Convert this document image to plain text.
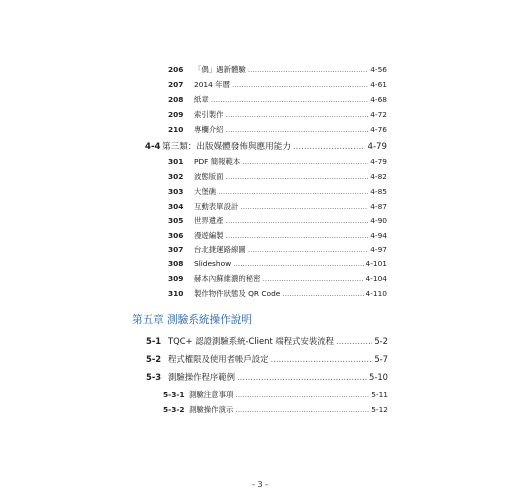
206	「偶」遇新體驗 .....	4-56
207	2014 年曆 .....	4-61
208	紙章 .....	4-68
209	索引製作 .....	4-72
210	專欄介紹 .....	4-76
4-4 第三類：出版媒體發佈與應用能力 .....	4-79
301	PDF 簡報範本 .....	4-79
302	波態版面 .....	4-82
303	大堡礁 .....	4-85
304	互動表單設計 .....	4-87
305	世界遺產 .....	4-90
306	漫遊編製 .....	4-94
307	台北捷運路線圖 .....	4-97
308	Slideshow .....	4-101
309	赫本內蘇維濃的秘密 .....	4-104
310	製作物件狀態及 QR Code .....	4-110
第五章 測驗系統操作說明
5-1 TQC+ 認證測驗系統-Client 端程式安裝流程 .....	5-2
5-2 程式權限及使用者帳戶設定 .....	5-7
5-3 測驗操作程序範例 .....	5-10
5-3-1 測驗注意事項 .....	5-11
5-3-2 測驗操作演示 .....	5-12
- 3 -
